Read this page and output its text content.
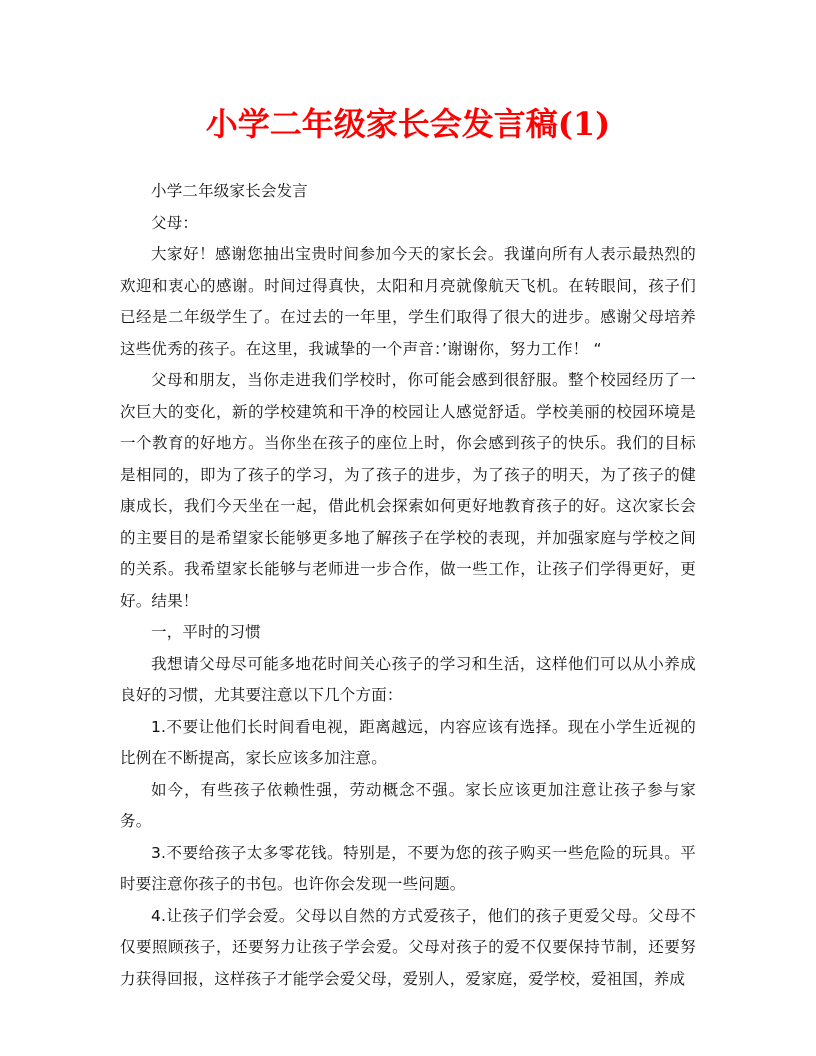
小学二年级家长会发言稿(1)

小学二年级家长会发言

父母：

大家好！感谢您抽出宝贵时间参加今天的家长会。我谨向所有人表示最热烈的欢迎和衷心的感谢。时间过得真快，太阳和月亮就像航天飞机。在转眼间，孩子们已经是二年级学生了。在过去的一年里，学生们取得了很大的进步。感谢父母培养这些优秀的孩子。在这里，我诚挚的一个声音：’谢谢你，努力工作！ “

父母和朋友，当你走进我们学校时，你可能会感到很舒服。整个校园经历了一次巨大的变化，新的学校建筑和干净的校园让人感觉舒适。学校美丽的校园环境是一个教育的好地方。当你坐在孩子的座位上时，你会感到孩子的快乐。我们的目标是相同的，即为了孩子的学习，为了孩子的进步，为了孩子的明天，为了孩子的健康成长，我们今天坐在一起，借此机会探索如何更好地教育孩子的好。这次家长会的主要目的是希望家长能够更多地了解孩子在学校的表现，并加强家庭与学校之间的关系。我希望家长能够与老师进一步合作，做一些工作，让孩子们学得更好，更好。结果！

一，平时的习惯

我想请父母尽可能多地花时间关心孩子的学习和生活，这样他们可以从小养成良好的习惯，尤其要注意以下几个方面：

1.不要让他们长时间看电视，距离越远，内容应该有选择。现在小学生近视的比例在不断提高，家长应该多加注意。

如今，有些孩子依赖性强，劳动概念不强。家长应该更加注意让孩子参与家务。

3.不要给孩子太多零花钱。特别是，不要为您的孩子购买一些危险的玩具。平时要注意你孩子的书包。也许你会发现一些问题。

4.让孩子们学会爱。父母以自然的方式爱孩子，他们的孩子更爱父母。父母不仅要照顾孩子，还要努力让孩子学会爱。父母对孩子的爱不仅要保持节制，还要努力获得回报，这样孩子才能学会爱父母，爱别人，爱家庭，爱学校，爱祖国，养成
